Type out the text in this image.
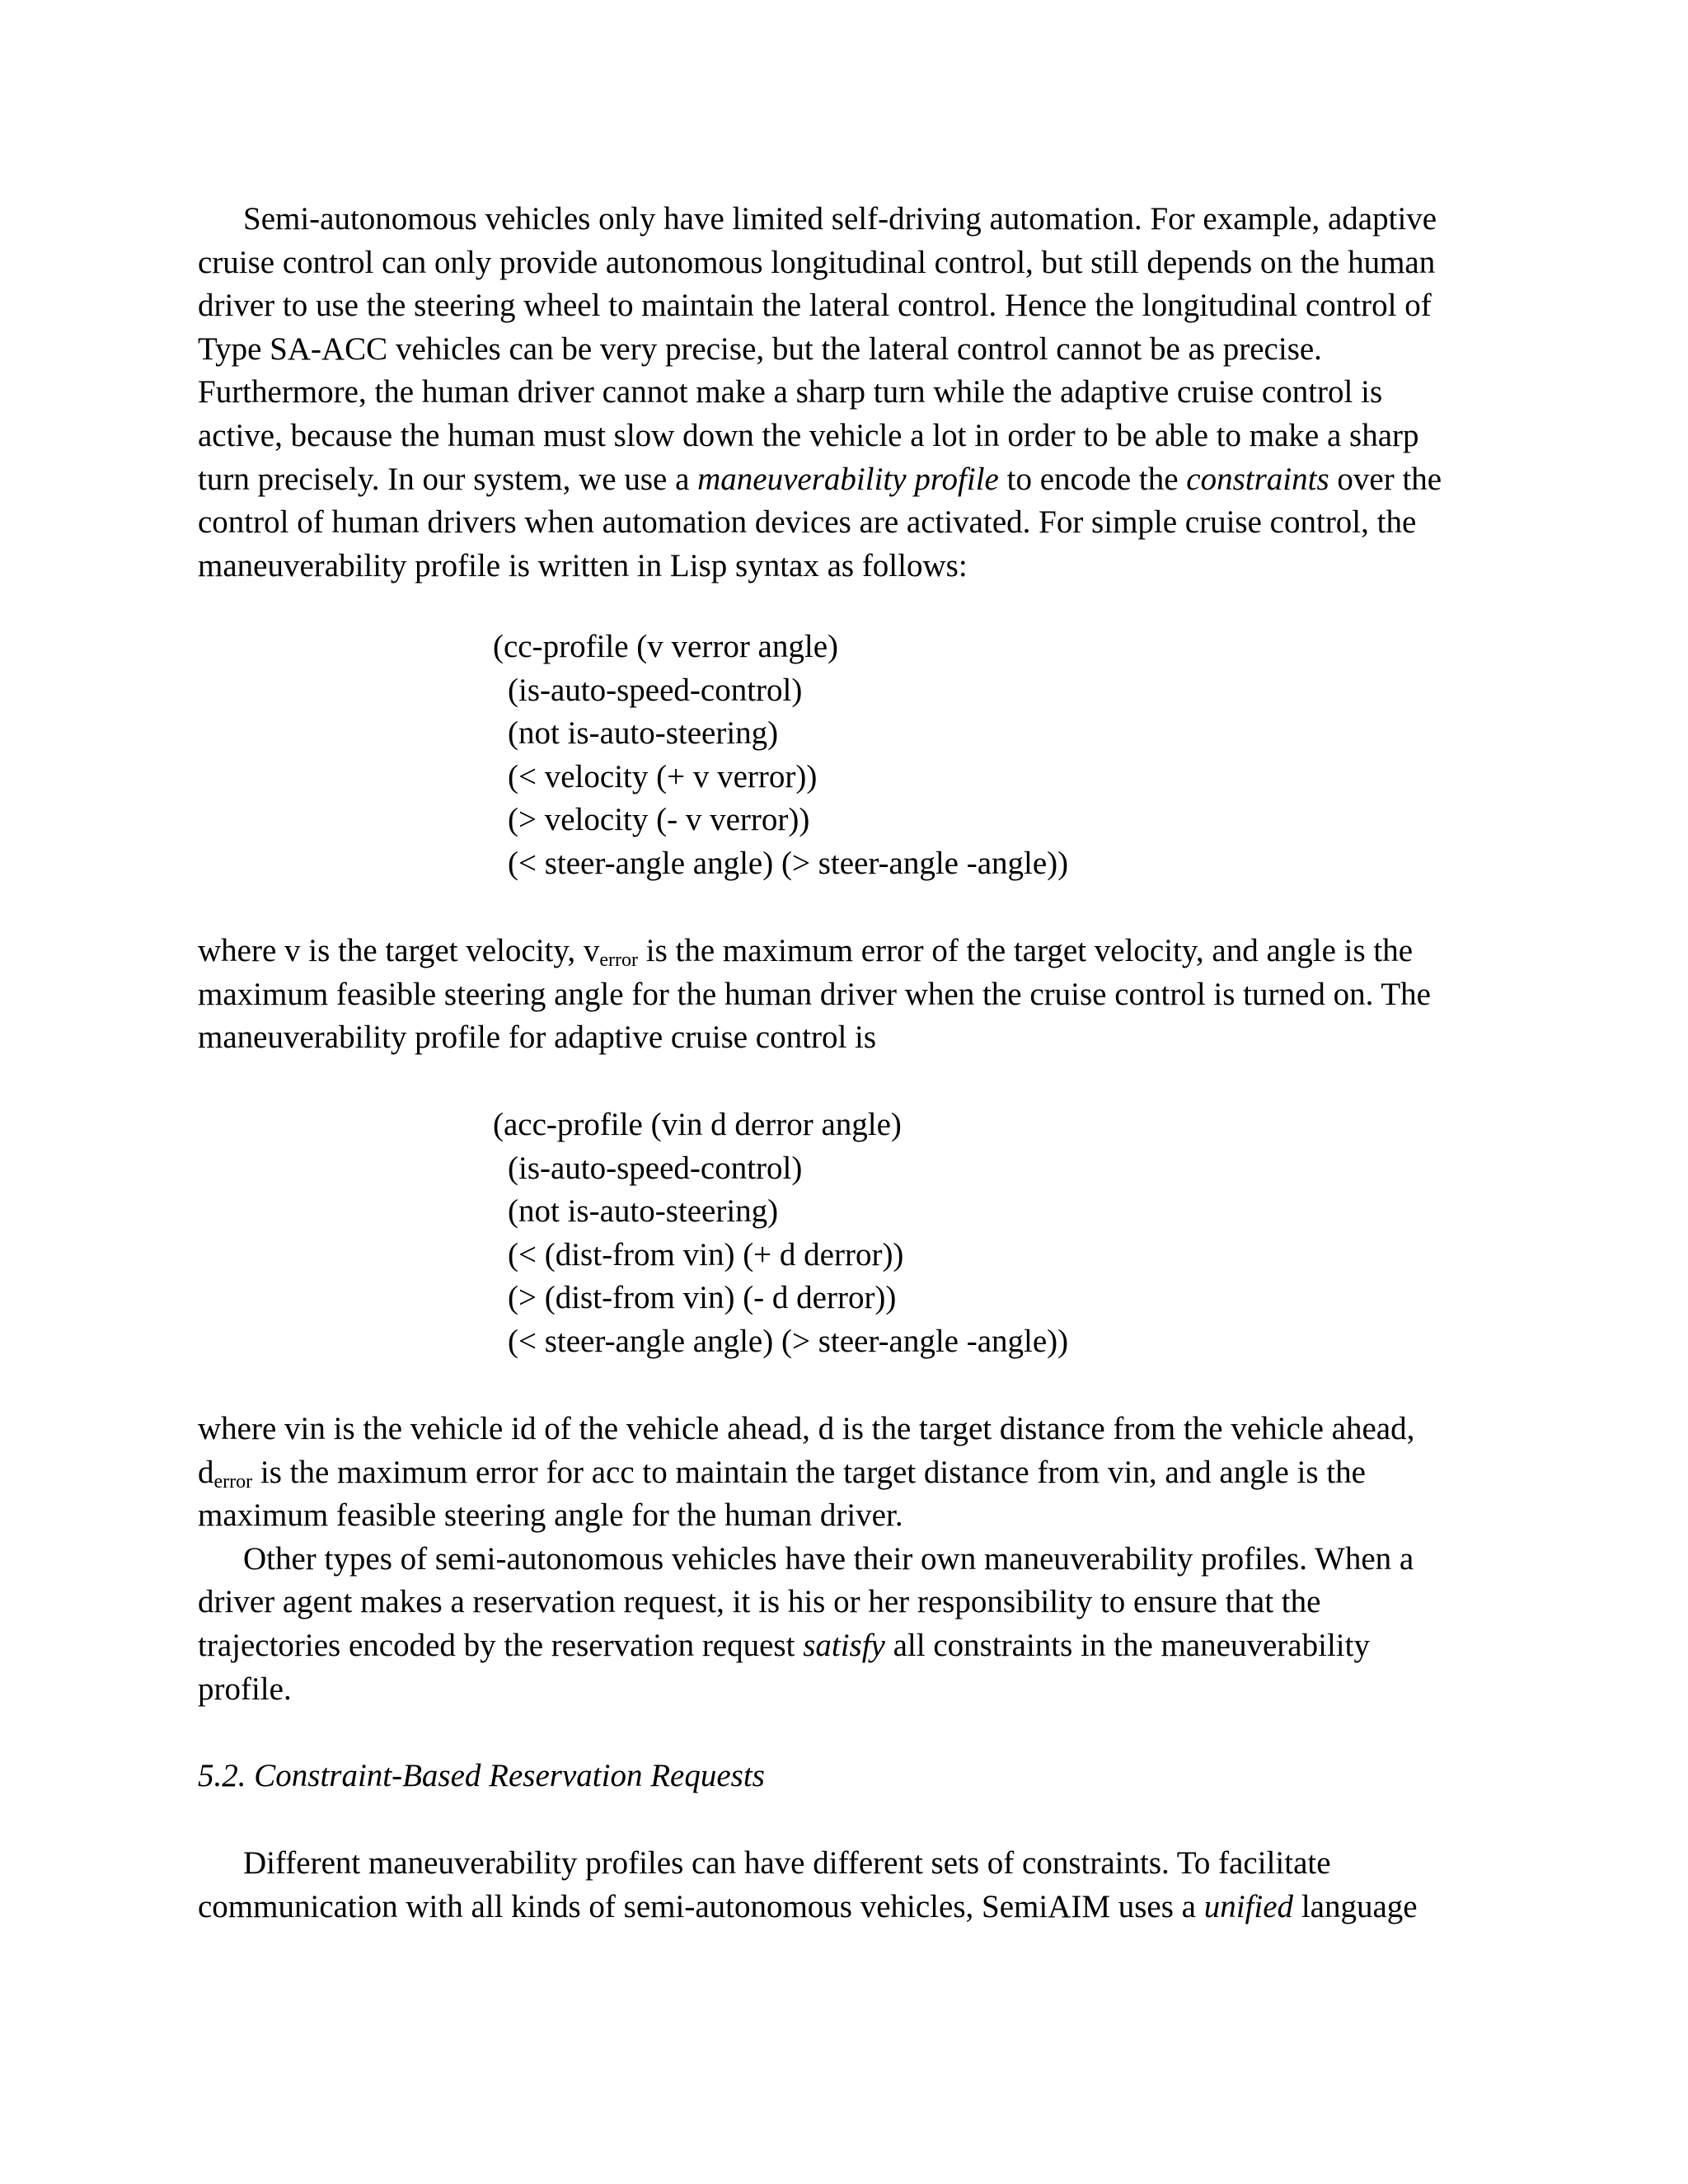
Semi-autonomous vehicles only have limited self-driving automation. For example, adaptive
cruise control can only provide autonomous longitudinal control, but still depends on the human
driver to use the steering wheel to maintain the lateral control. Hence the longitudinal control of
Type SA-ACC vehicles can be very precise, but the lateral control cannot be as precise.
Furthermore, the human driver cannot make a sharp turn while the adaptive cruise control is
active, because the human must slow down the vehicle a lot in order to be able to make a sharp
turn precisely. In our system, we use a maneuverability profile to encode the constraints over the
control of human drivers when automation devices are activated. For simple cruise control, the
maneuverability profile is written in Lisp syntax as follows:
(cc-profile (v verror angle)
(is-auto-speed-control)
(not is-auto-steering)
(< velocity (+ v verror))
(> velocity (- v verror))
(< steer-angle angle) (> steer-angle -angle))
where v is the target velocity, $v_{error}$ is the maximum error of the target velocity, and angle is the
maximum feasible steering angle for the human driver when the cruise control is turned on. The
maneuverability profile for adaptive cruise control is
(acc-profile (vin d derror angle)
(is-auto-speed-control)
(not is-auto-steering)
(< (dist-from vin) (+ d derror))
(> (dist-from vin) (- d derror))
(< steer-angle angle) (> steer-angle -angle))
where vin is the vehicle id of the vehicle ahead, d is the target distance from the vehicle ahead,
$d_{error}$ is the maximum error for acc to maintain the target distance from vin, and angle is the
maximum feasible steering angle for the human driver.
Other types of semi-autonomous vehicles have their own maneuverability profiles. When a
driver agent makes a reservation request, it is his or her responsibility to ensure that the
trajectories encoded by the reservation request satisfy all constraints in the maneuverability
profile.
5.2. Constraint-Based Reservation Requests
Different maneuverability profiles can have different sets of constraints. To facilitate
communication with all kinds of semi-autonomous vehicles, SemiAIM uses a unified language
